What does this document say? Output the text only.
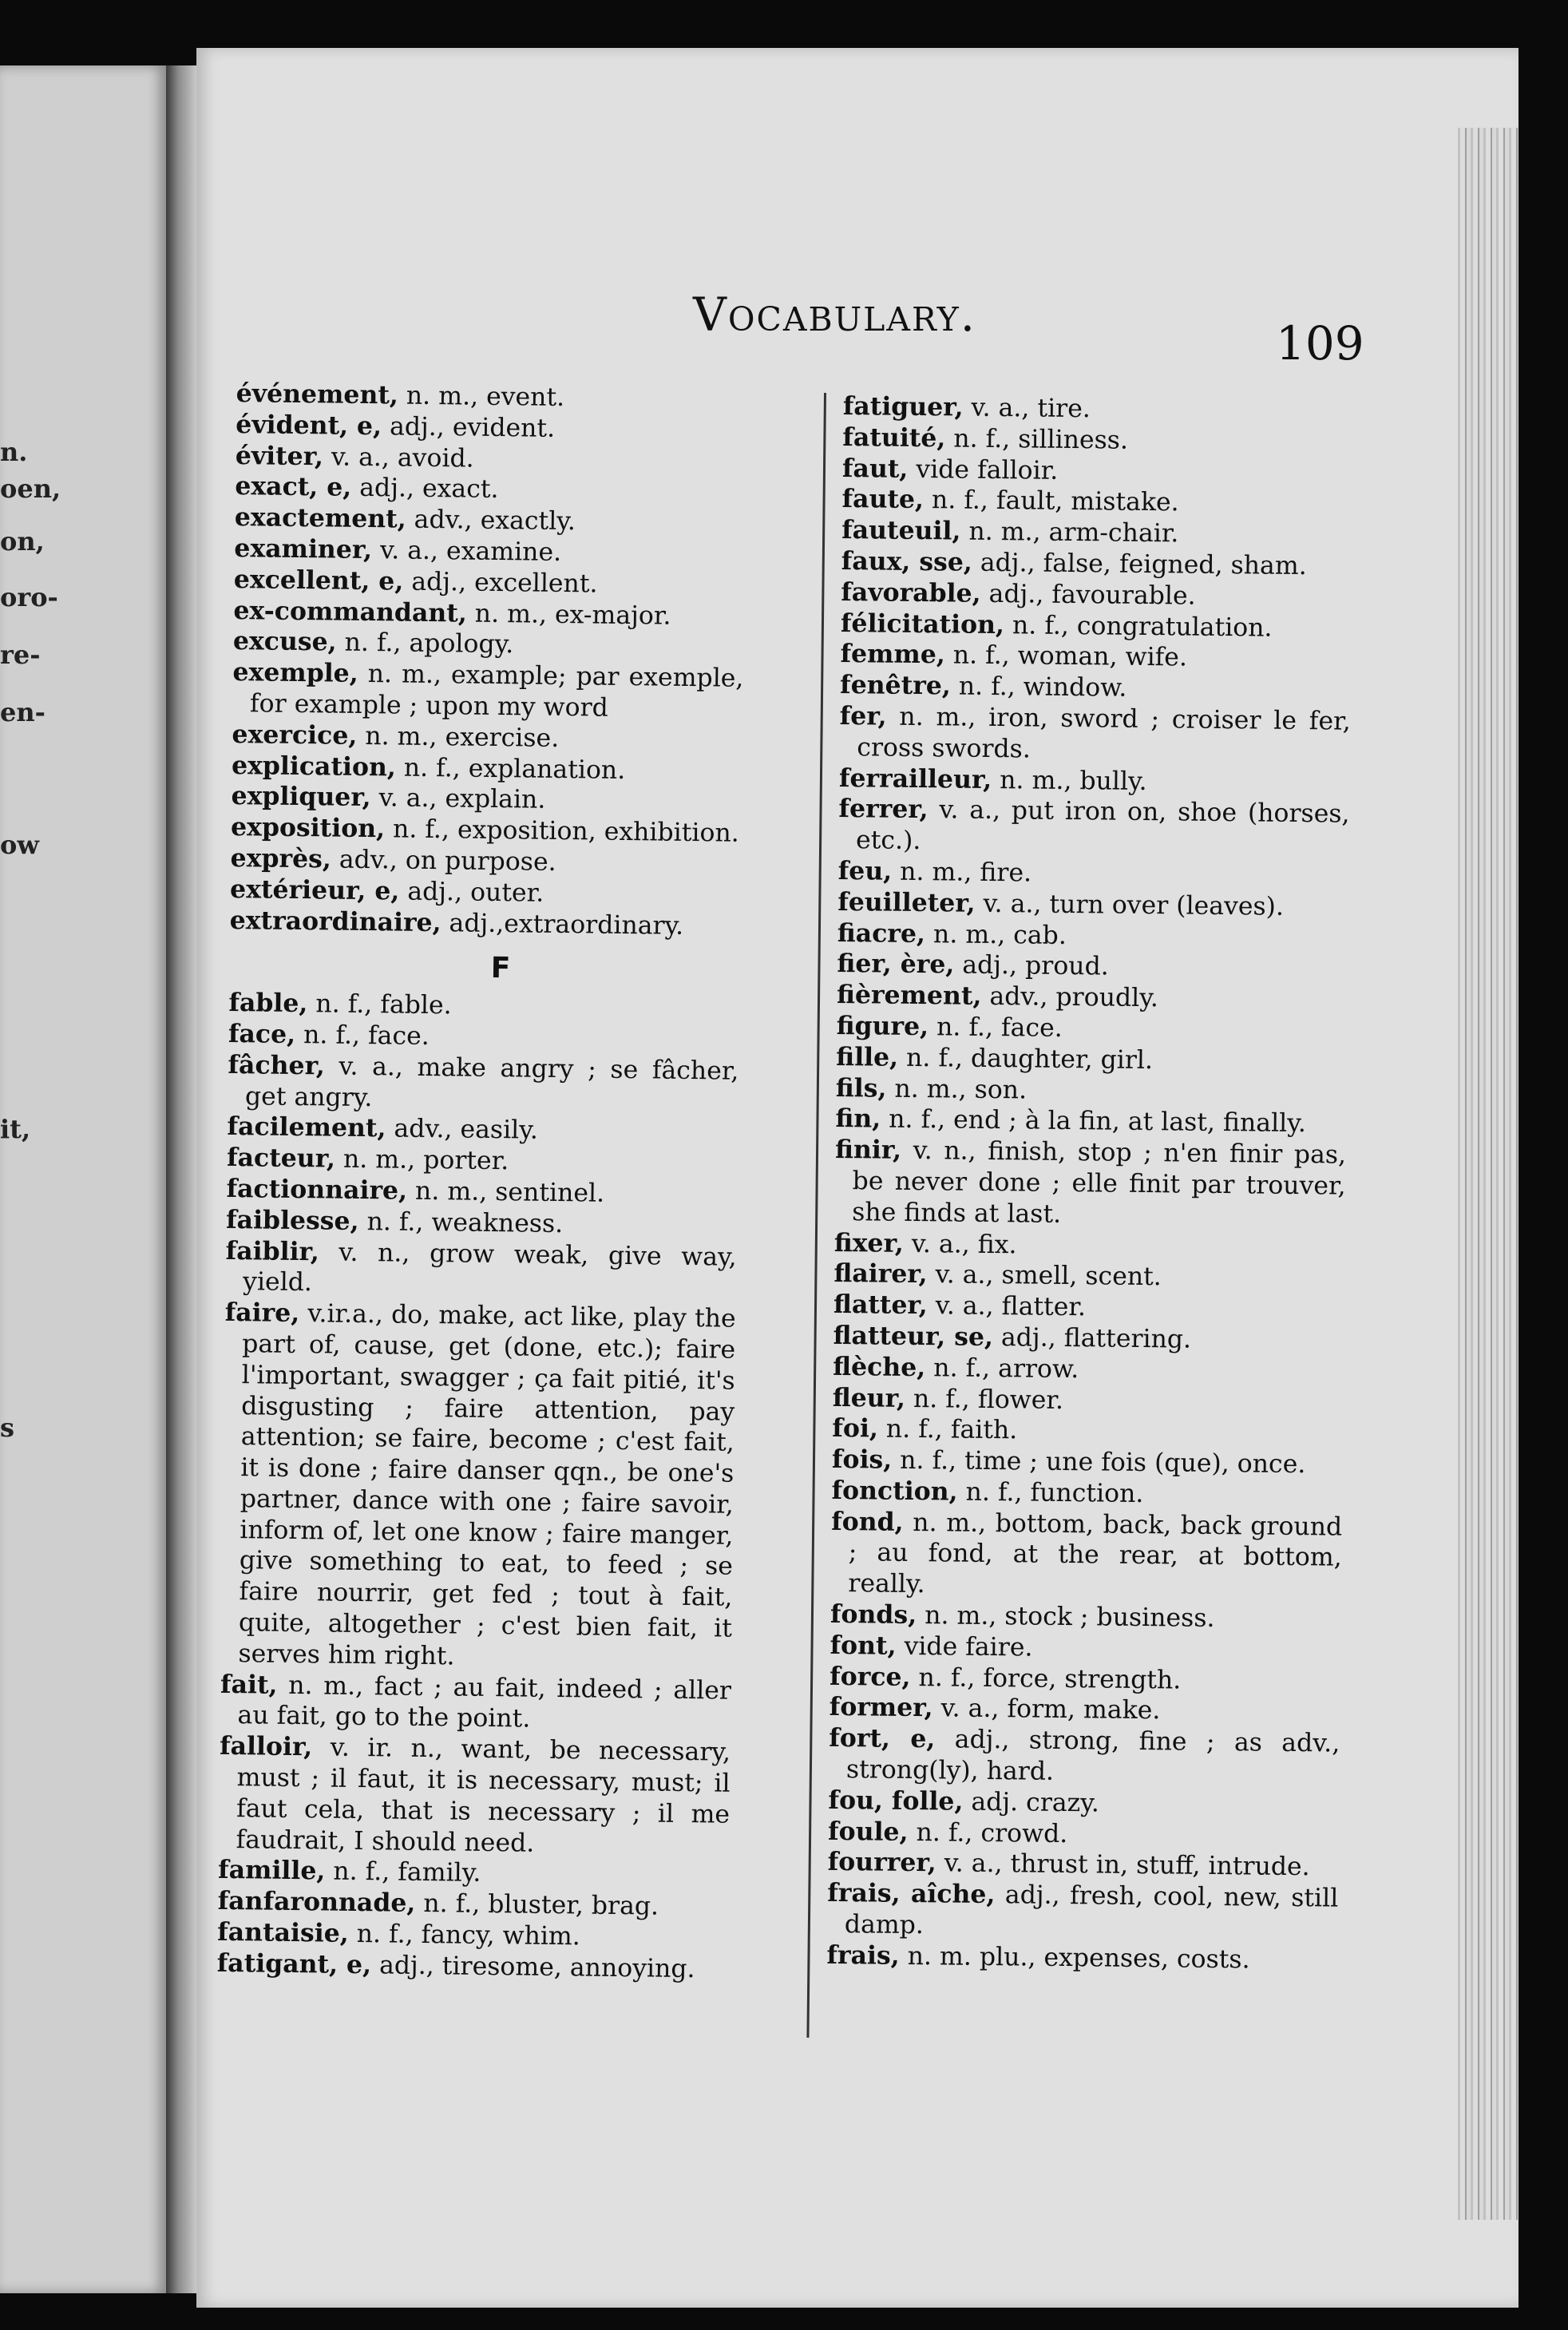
n.
oen,
on,
oro-
re-
en-
ow
it,
s
Vocabulary.
109

événement, n. m., event.

évident, e, adj., evident.

éviter, v. a., avoid.

exact, e, adj., exact.

exactement, adv., exactly.

examiner, v. a., examine.

excellent, e, adj., excellent.

ex-commandant, n. m., ex-major.

excuse, n. f., apology.

exemple, n. m., example; par exemple, for example ; upon my word

exercice, n. m., exercise.

explication, n. f., explanation.

expliquer, v. a., explain.

exposition, n. f., exposition, exhibition.

exprès, adv., on purpose.

extérieur, e, adj., outer.

extraordinaire, adj.,extraordinary.

F

fable, n. f., fable.

face, n. f., face.

fâcher, v. a., make angry ; se fâcher, get angry.

facilement, adv., easily.

facteur, n. m., porter.

factionnaire, n. m., sentinel.

faiblesse, n. f., weakness.

faiblir, v. n., grow weak, give way, yield.

faire, v.ir.a., do, make, act like, play the part of, cause, get (done, etc.); faire l'important, swagger ; ça fait pitié, it's disgusting ; faire attention, pay attention; se faire, become ; c'est fait, it is done ; faire danser qqn., be one's partner, dance with one ; faire savoir, inform of, let one know ; faire manger, give something to eat, to feed ; se faire nourrir, get fed ; tout à fait, quite, altogether ; c'est bien fait, it serves him right.

fait, n. m., fact ; au fait, indeed ; aller au fait, go to the point.

falloir, v. ir. n., want, be necessary, must ; il faut, it is necessary, must; il faut cela, that is necessary ; il me faudrait, I should need.

famille, n. f., family.

fanfaronnade, n. f., bluster, brag.

fantaisie, n. f., fancy, whim.

fatigant, e, adj., tiresome, annoying.

fatiguer, v. a., tire.

fatuité, n. f., silliness.

faut, vide falloir.

faute, n. f., fault, mistake.

fauteuil, n. m., arm-chair.

faux, sse, adj., false, feigned, sham.

favorable, adj., favourable.

félicitation, n. f., congratulation.

femme, n. f., woman, wife.

fenêtre, n. f., window.

fer, n. m., iron, sword ; croiser le fer, cross swords.

ferrailleur, n. m., bully.

ferrer, v. a., put iron on, shoe (horses, etc.).

feu, n. m., fire.

feuilleter, v. a., turn over (leaves).

fiacre, n. m., cab.

fier, ère, adj., proud.

fièrement, adv., proudly.

figure, n. f., face.

fille, n. f., daughter, girl.

fils, n. m., son.

fin, n. f., end ; à la fin, at last, finally.

finir, v. n., finish, stop ; n'en finir pas, be never done ; elle finit par trouver, she finds at last.

fixer, v. a., fix.

flairer, v. a., smell, scent.

flatter, v. a., flatter.

flatteur, se, adj., flattering.

flèche, n. f., arrow.

fleur, n. f., flower.

foi, n. f., faith.

fois, n. f., time ; une fois (que), once.

fonction, n. f., function.

fond, n. m., bottom, back, back ground ; au fond, at the rear, at bottom, really.

fonds, n. m., stock ; business.

font, vide faire.

force, n. f., force, strength.

former, v. a., form, make.

fort, e, adj., strong, fine ; as adv., strong(ly), hard.

fou, folle, adj. crazy.

foule, n. f., crowd.

fourrer, v. a., thrust in, stuff, intrude.

frais, aîche, adj., fresh, cool, new, still damp.

frais, n. m. plu., expenses, costs.
